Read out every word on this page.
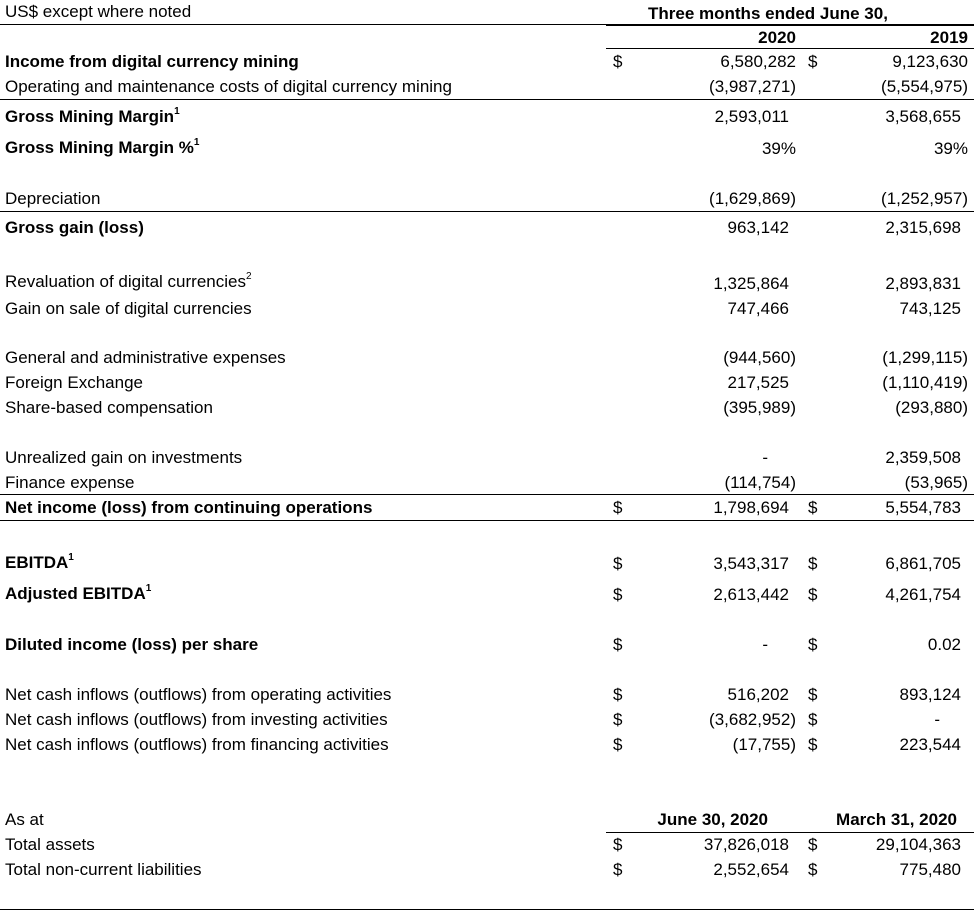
US$ except where noted	Three months ended June 30,
2020	2019
Income from digital currency mining	$	6,580,282 $	9,123,630
Operating and maintenance costs of digital currency mining	(3,987,271)	(5,554,975)
Gross Mining Margin$^1$	2,593,011	3,568,655
Gross Mining Margin %$^1$	39%	39%
Depreciation	(1,629,869)	(1,252,957)
Gross gain (loss)	963,142	2,315,698
Revaluation of digital currencies$^2$	1,325,864	2,893,831
Gain on sale of digital currencies	747,466	743,125
General and administrative expenses	(944,560)	(1,299,115)
Foreign Exchange	217,525	(1,110,419)
Share-based compensation	(395,989)	(293,880)
Unrealized gain on investments	-	2,359,508
Finance expense	(114,754)	(53,965)
Net income (loss) from continuing operations	$	1,798,694 $	5,554,783
EBITDA$^1$	$	3,543,317 $	6,861,705
Adjusted EBITDA$^1$	$	2,613,442 $	4,261,754
Diluted income (loss) per share	$	- $	0.02
Net cash inflows (outflows) from operating activities	$	516,202 $	893,124
Net cash inflows (outflows) from investing activities	$	(3,682,952) $	-
Net cash inflows (outflows) from financing activities	$	(17,755) $	223,544
As at	June 30, 2020	March 31, 2020
Total assets	$	37,826,018 $	29,104,363
Total non-current liabilities	$	2,552,654 $	775,480
